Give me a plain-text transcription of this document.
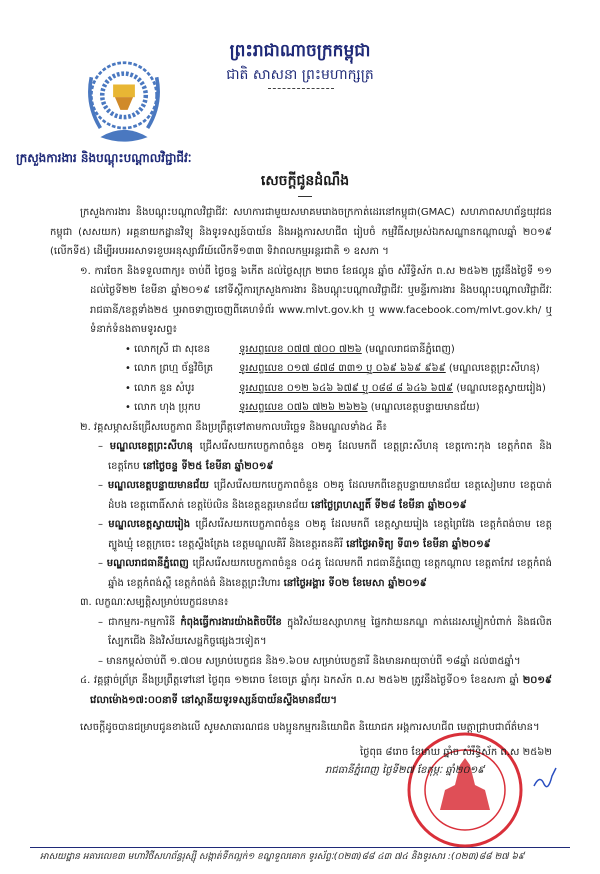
ព្រះរាជាណាចក្រកម្ពុជា
ជាតិ សាសនា ព្រះមហាក្សត្រ
ក្រសួងការងារ និងបណ្តុះបណ្តាលវិជ្ជាជីវៈ
សេចក្តីជូនដំណឹង
ក្រសួងការងារ និងបណ្តុះបណ្តាលវិជ្ជាជីវៈ សហការជាមួយសមាគមរោងចក្រកាត់ដេរនៅកម្ពុជា(GMAC) សហភាពសហព័ន្ធយុវជនកម្ពុជា (សសយក) អគ្គនាយកដ្ឋានវិទ្យុ និងទូរទស្សន៍បាយ័ន និងអង្គការសហជីព រៀបចំ កម្មវិធីសម្រស់ឯកសណ្ឋានកណ្តាលឆ្នាំ ២០១៩ (លើកទី៥) ដើម្បីអបអរសាទរខួបអនុស្សាវរីយ៍លើកទី១៣៣ ទិវាពលកម្មអន្តរជាតិ ១ ឧសភា ។
១. ការចែក និងទទួលពាក្យ៖ ចាប់ពី ថ្ងៃចន្ទ ៦កើត ដល់ថ្ងៃសុក្រ ២រោច ខែផល្គុន ឆ្នាំច សំរឹទ្ធិស័ក ព.ស ២៥៦២ ត្រូវនឹងថ្ងៃទី ១១ ដល់ថ្ងៃទី២២ ខែមីនា ឆ្នាំ២០១៩ នៅទីស្តីការក្រសួងការងារ និងបណ្តុះបណ្តាលវិជ្ជាជីវៈ ឬមន្ទីរការងារ និងបណ្តុះបណ្តាលវិជ្ជាជីវៈ រាជធានី/ខេត្តទាំង២៥ ឬអាចទាញចេញពីគេហទំព័រ www.mlvt.gov.kh ឬ www.facebook.com/mlvt.gov.kh/ ឬទំនាក់ទំនងតាមទូរសព្ទ៖
• លោកស្រី ជា សុខេន	ទូរសព្ទលេខ ០៧៧ ៧០០ ៧២៦
(មណ្ឌលរាជធានីភ្នំពេញ)
• លោក ព្រហ្ម ច័ន្ទវិចិត្រ	ទូរសព្ទលេខ ០១៧ ៨៧៨ ៣៣១ ឬ ០៦៩ ៦៦៩ ៩៦៩
(មណ្ឌលខេត្តព្រះសីហនុ)
• លោក នួន សំបូរ	ទូរសព្ទលេខ ០១២ ៦៤៦ ៦៧៩ ឬ ០៨៨ ៨ ៦៤៦ ៦៧៩
(មណ្ឌលខេត្តស្វាយរៀង)
• លោក ហុង ប្រុកប	ទូរសព្ទលេខ ០៧៦ ៧២៦ ២៦២៦
(មណ្ឌលខេត្តបន្ទាយមានជ័យ)
២. វគ្គសម្ភាសន៍ជ្រើសបេក្ខភាព នឹងប្រព្រឹត្តទៅតាមកាលបរិច្ឆេទ និងមណ្ឌលទាំង៤ គឺ៖
– មណ្ឌលខេត្តព្រះសីហនុ ជ្រើសរើសយកបេក្ខភាពចំនួន ០២គូ ដែលមកពី ខេត្តព្រះសីហនុ ខេត្តកោះកុង ខេត្តកំពត និងខេត្តកែប នៅថ្ងៃចន្ទ ទី២៥ ខែមីនា ឆ្នាំ២០១៩
– មណ្ឌលខេត្តបន្ទាយមានជ័យ ជ្រើសរើសយកបេក្ខភាពចំនួន ០២គូ ដែលមកពីខេត្តបន្ទាយមានជ័យ ខេត្តសៀមរាប ខេត្តបាត់ដំបង ខេត្តពោធិ៍សាត់ ខេត្តប៉ៃលិន និងខេត្តឧត្តរមានជ័យ នៅថ្ងៃព្រហស្បតិ៍ ទី២៨ ខែមីនា ឆ្នាំ២០១៩
– មណ្ឌលខេត្តស្វាយរៀង ជ្រើសរើសយកបេក្ខភាពចំនួន ០២គូ ដែលមកពី ខេត្តស្វាយរៀង ខេត្តព្រៃវែង ខេត្តកំពង់ចាម ខេត្តត្បូងឃ្មុំ ខេត្តក្រចេះ ខេត្តស្ទឹងត្រែង ខេត្តមណ្ឌលគិរី និងខេត្តរតនគិរី នៅថ្ងៃអាទិត្យ ទី៣១ ខែមីនា ឆ្នាំ២០១៩
– មណ្ឌលរាជធានីភ្នំពេញ ជ្រើសរើសយកបេក្ខភាពចំនួន ០៤គូ ដែលមកពី រាជធានីភ្នំពេញ ខេត្តកណ្តាល ខេត្តតាកែវ ខេត្តកំពង់ឆ្នាំង ខេត្តកំពង់ស្ពឺ ខេត្តកំពង់ធំ និងខេត្តព្រះវិហារ នៅថ្ងៃអង្គារ ទី០២ ខែមេសា ឆ្នាំ២០១៩
៣. លក្ខណៈសម្បត្តិសម្រាប់បេក្ខជនមាន៖
– ជាកម្មករ-កម្មការិនី កំពុងធ្វើការងារយ៉ាងតិចបីខែ ក្នុងវិស័យឧស្សាហកម្ម ផ្ទៃកវាយនភណ្ឌ កាត់ដេរសម្លៀកបំពាក់ និងផលិតស្បែកជើង និងវិស័យសេដ្ឋកិច្ចផ្សេងៗទៀត។
– មានកម្ពស់ចាប់ពី ១.៧០ម សម្រាប់បេក្ខជន និង១.៦០ម សម្រាប់បេក្ខនារី និងមានអាយុចាប់ពី ១៨ឆ្នាំ ដល់៣៥ឆ្នាំ។
៤. វគ្គផ្តាច់ព្រ័ត្រ នឹងប្រព្រឹត្តទៅនៅ ថ្ងៃពុធ ១២រោច ខែចេត្រ ឆ្នាំកុរ ឯកស័ក ព.ស ២៥៦២ ត្រូវនឹងថ្ងៃទី០១ ខែឧសភា ឆ្នាំ ២០១៩ វេលាម៉ោង១៧:០០នាទី នៅស្តានីយទូរទស្សន៍បាយ័នស្ទឹងមានជ័យ។
សេចក្តីដូចបានជម្រាបជូនខាងលើ សូមសាធារណជន បងប្អូនកម្មករនិយោជិត និយោជក អង្គការសហជីព មេត្តាជ្រាបជាព័ត៌មាន។
ថ្ងៃពុធ ៨រោច ខែមាឃ ឆ្នាំច សំរឹទ្ធិស័ក ព.ស ២៥៦២
រាជធានីភ្នំពេញ ថ្ងៃទី២៧ ខែកុម្ភៈ ឆ្នាំ២០១៩
អាសយដ្ឋាន អគារលេខ៣ មហាវិថីសហព័ន្ធរុស្ស៊ី សង្កាត់ទឹកល្អក់១ ខណ្ឌទួលគោក ទូរស័ព្ទៈ(០២៣)៨៨ ៤៣ ៧៤ និងទូរសារ :(០២៣)៨៨ ២៧ ៦៩
